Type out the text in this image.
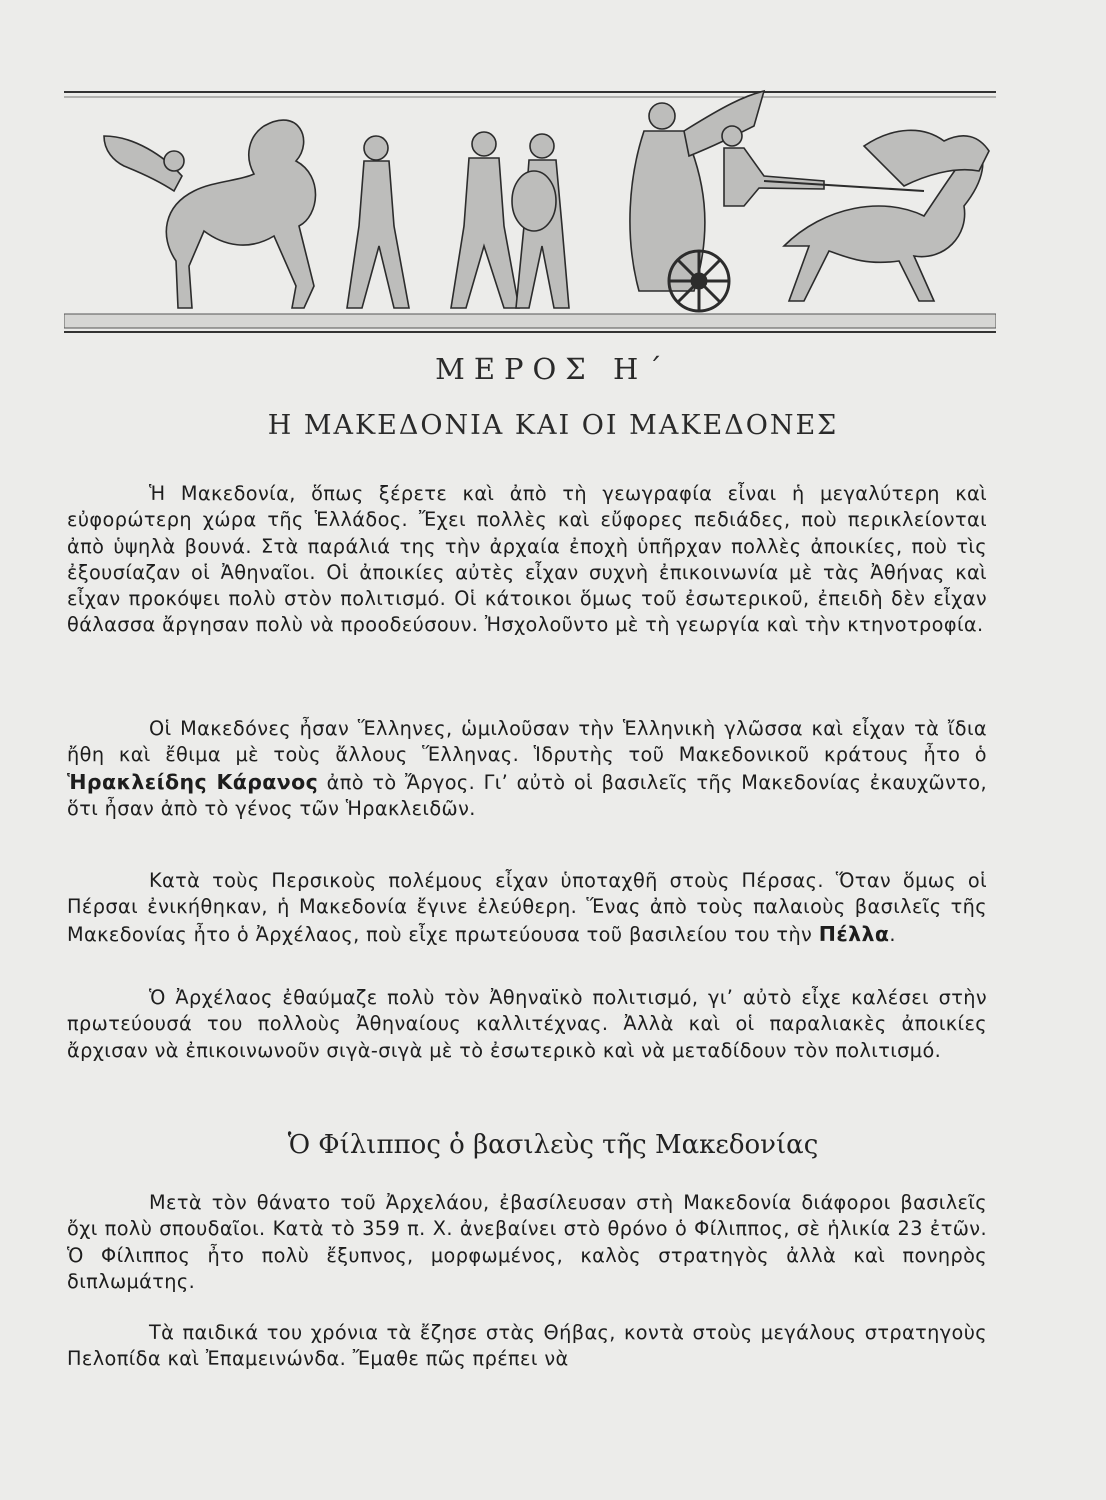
ΜΕΡΟΣ Η΄
Η ΜΑΚΕΔΟΝΙΑ ΚΑΙ ΟΙ ΜΑΚΕΔΟΝΕΣ

Ἡ Μακεδονία, ὅπως ξέρετε καὶ ἀπὸ τὴ γεωγραφία εἶναι ἡ μεγαλύτερη καὶ εὐφορώτερη χώρα τῆς Ἑλλάδος. Ἔχει πολλὲς καὶ εὔφορες πεδιάδες, ποὺ περικλείονται ἀπὸ ὑψηλὰ βουνά. Στὰ παράλιά της τὴν ἀρχαία ἐποχὴ ὑπῆρχαν πολλὲς ἀποικίες, ποὺ τὶς ἐξουσίαζαν οἱ Ἀθηναῖοι. Οἱ ἀποικίες αὐτὲς εἶχαν συχνὴ ἐπικοινωνία μὲ τὰς Ἀθήνας καὶ εἶχαν προκόψει πολὺ στὸν πολιτισμό. Οἱ κάτοικοι ὅμως τοῦ ἐσωτερικοῦ, ἐπειδὴ δὲν εἶχαν θάλασσα ἄργησαν πολὺ νὰ προοδεύσουν. Ἠσχολοῦντο μὲ τὴ γεωργία καὶ τὴν κτηνοτροφία.

Οἱ Μακεδόνες ἦσαν Ἕλληνες, ὡμιλοῦσαν τὴν Ἑλληνικὴ γλῶσσα καὶ εἶχαν τὰ ἴδια ἤθη καὶ ἔθιμα μὲ τοὺς ἄλλους Ἕλληνας. Ἱδρυτὴς τοῦ Μακεδονικοῦ κράτους ἦτο ὁ Ἡρακλείδης Κάρανος ἀπὸ τὸ Ἄργος. Γι’ αὐτὸ οἱ βασιλεῖς τῆς Μακεδονίας ἐκαυχῶντο, ὅτι ἦσαν ἀπὸ τὸ γένος τῶν Ἡρακλειδῶν.

Κατὰ τοὺς Περσικοὺς πολέμους εἶχαν ὑποταχθῆ στοὺς Πέρσας. Ὅταν ὅμως οἱ Πέρσαι ἐνικήθηκαν, ἡ Μακεδονία ἔγινε ἐλεύθερη. Ἕνας ἀπὸ τοὺς παλαιοὺς βασιλεῖς τῆς Μακεδονίας ἦτο ὁ Ἀρχέλαος, ποὺ εἶχε πρωτεύουσα τοῦ βασιλείου του τὴν Πέλλα.

Ὁ Ἀρχέλαος ἐθαύμαζε πολὺ τὸν Ἀθηναϊκὸ πολιτισμό, γι’ αὐτὸ εἶχε καλέσει στὴν πρωτεύουσά του πολλοὺς Ἀθηναίους καλλιτέχνας. Ἀλλὰ καὶ οἱ παραλιακὲς ἀποικίες ἄρχισαν νὰ ἐπικοινωνοῦν σιγὰ-σιγὰ μὲ τὸ ἐσωτερικὸ καὶ νὰ μεταδίδουν τὸν πολιτισμό.

Ὁ Φίλιππος ὁ βασιλεὺς τῆς Μακεδονίας

Μετὰ τὸν θάνατο τοῦ Ἀρχελάου, ἐβασίλευσαν στὴ Μακεδονία διάφοροι βασιλεῖς ὄχι πολὺ σπουδαῖοι. Κατὰ τὸ 359 π. Χ. ἀνεβαίνει στὸ θρόνο ὁ Φίλιππος, σὲ ἡλικία 23 ἐτῶν. Ὁ Φίλιππος ἦτο πολὺ ἔξυπνος, μορφωμένος, καλὸς στρατηγὸς ἀλλὰ καὶ πονηρὸς διπλωμάτης.

Τὰ παιδικά του χρόνια τὰ ἔζησε στὰς Θήβας, κοντὰ στοὺς μεγάλους στρατηγοὺς Πελοπίδα καὶ Ἐπαμεινώνδα. Ἔμαθε πῶς πρέπει νὰ
